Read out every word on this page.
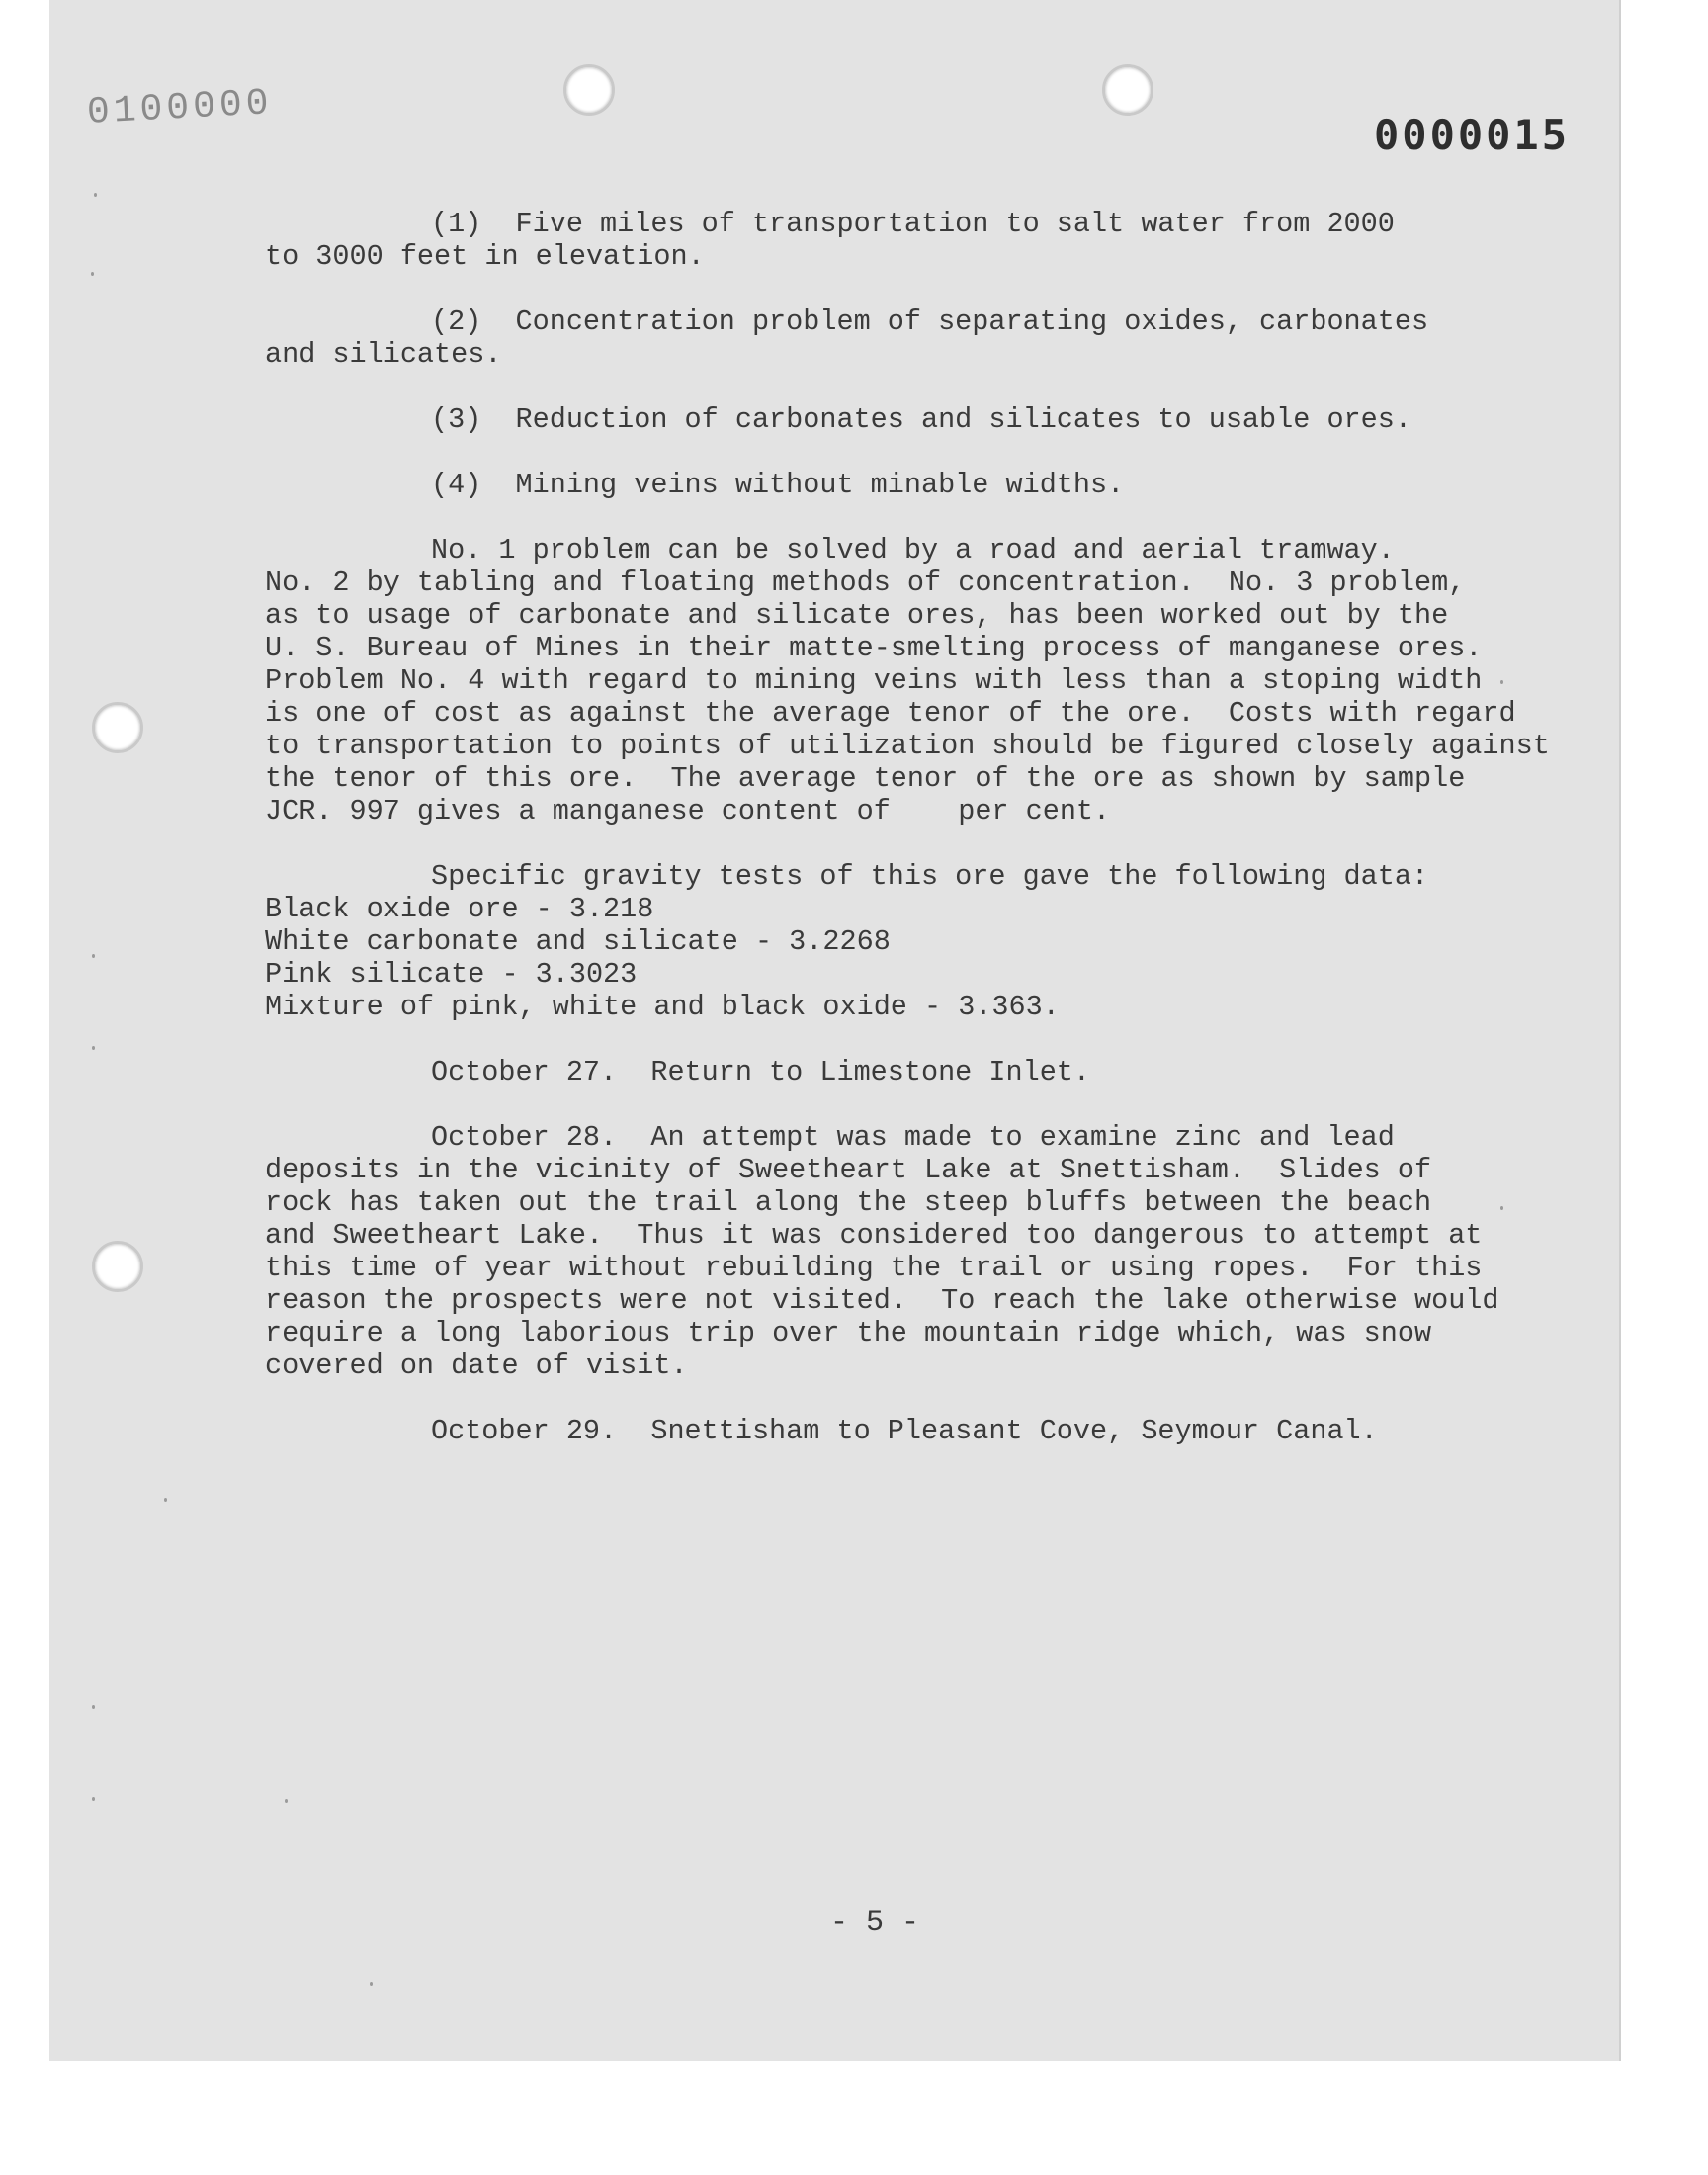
0100000
0000015
(1)  Five miles of transportation to salt water from 2000
to 3000 feet in elevation.
(2)  Concentration problem of separating oxides, carbonates
and silicates.
(3)  Reduction of carbonates and silicates to usable ores.
(4)  Mining veins without minable widths.
No. 1 problem can be solved by a road and aerial tramway.
No. 2 by tabling and floating methods of concentration.  No. 3 problem,
as to usage of carbonate and silicate ores, has been worked out by the
U. S. Bureau of Mines in their matte-smelting process of manganese ores.
Problem No. 4 with regard to mining veins with less than a stoping width
is one of cost as against the average tenor of the ore.  Costs with regard
to transportation to points of utilization should be figured closely against
the tenor of this ore.  The average tenor of the ore as shown by sample
JCR. 997 gives a manganese content of    per cent.
Specific gravity tests of this ore gave the following data:
Black oxide ore - 3.218
White carbonate and silicate - 3.2268
Pink silicate - 3.3023
Mixture of pink, white and black oxide - 3.363.
October 27.  Return to Limestone Inlet.
October 28.  An attempt was made to examine zinc and lead
deposits in the vicinity of Sweetheart Lake at Snettisham.  Slides of
rock has taken out the trail along the steep bluffs between the beach
and Sweetheart Lake.  Thus it was considered too dangerous to attempt at
this time of year without rebuilding the trail or using ropes.  For this
reason the prospects were not visited.  To reach the lake otherwise would
require a long laborious trip over the mountain ridge which, was snow
covered on date of visit.
October 29.  Snettisham to Pleasant Cove, Seymour Canal.
- 5 -
